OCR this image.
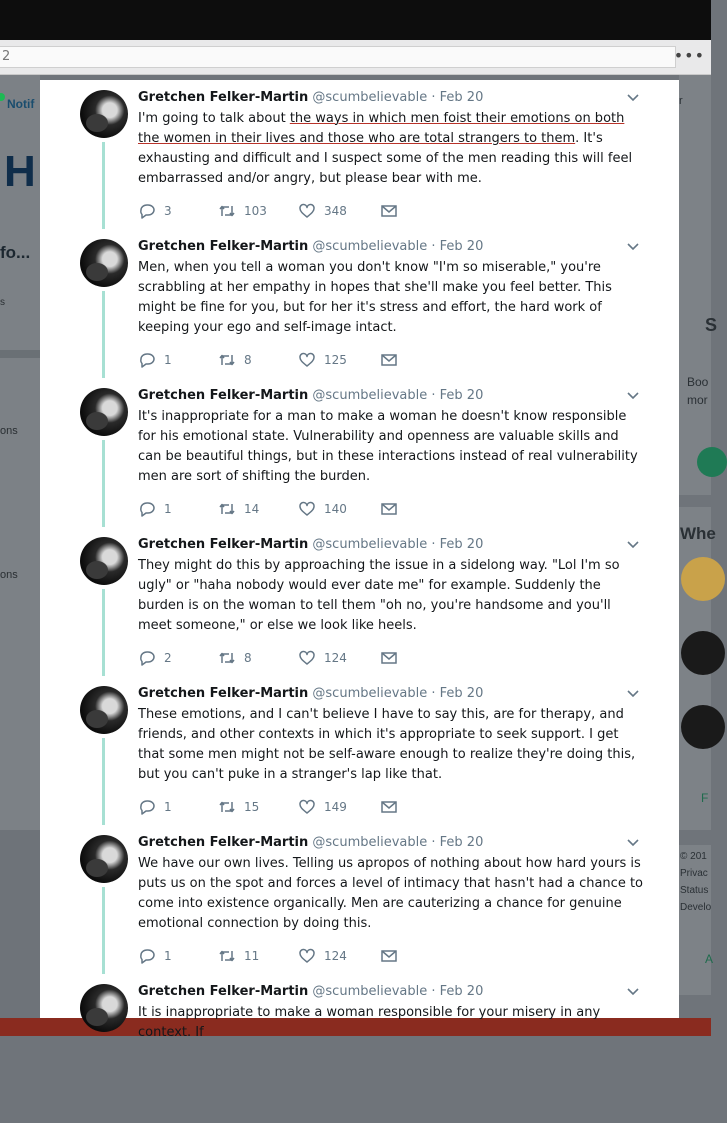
2	•••
Notif
H
fo...
s
ons
ons
r
S
Boo
mor
Whe
F
© 201
Privac
Status
Develo
A
Gretchen Felker-Martin @scumbelievable · Feb 20
I'm going to talk about the ways in which men foist their emotions on both the women in their lives and those who are total strangers to them. It's exhausting and difficult and I suspect some of the men reading this will feel embarrassed and/or angry, but please bear with me.
3	103	348
Gretchen Felker-Martin @scumbelievable · Feb 20
Men, when you tell a woman you don't know "I'm so miserable," you're scrabbling at her empathy in hopes that she'll make you feel better. This might be fine for you, but for her it's stress and effort, the hard work of keeping your ego and self-image intact.
1	8	125
Gretchen Felker-Martin @scumbelievable · Feb 20
It's inappropriate for a man to make a woman he doesn't know responsible for his emotional state. Vulnerability and openness are valuable skills and can be beautiful things, but in these interactions instead of real vulnerability men are sort of shifting the burden.
1	14	140
Gretchen Felker-Martin @scumbelievable · Feb 20
They might do this by approaching the issue in a sidelong way. "Lol I'm so ugly" or "haha nobody would ever date me" for example. Suddenly the burden is on the woman to tell them "oh no, you're handsome and you'll meet someone," or else we look like heels.
2	8	124
Gretchen Felker-Martin @scumbelievable · Feb 20
These emotions, and I can't believe I have to say this, are for therapy, and friends, and other contexts in which it's appropriate to seek support. I get that some men might not be self-aware enough to realize they're doing this, but you can't puke in a stranger's lap like that.
1	15	149
Gretchen Felker-Martin @scumbelievable · Feb 20
We have our own lives. Telling us apropos of nothing about how hard yours is puts us on the spot and forces a level of intimacy that hasn't had a chance to come into existence organically. Men are cauterizing a chance for genuine emotional connection by doing this.
1	11	124
Gretchen Felker-Martin @scumbelievable · Feb 20
It is inappropriate to make a woman responsible for your misery in any context. If
